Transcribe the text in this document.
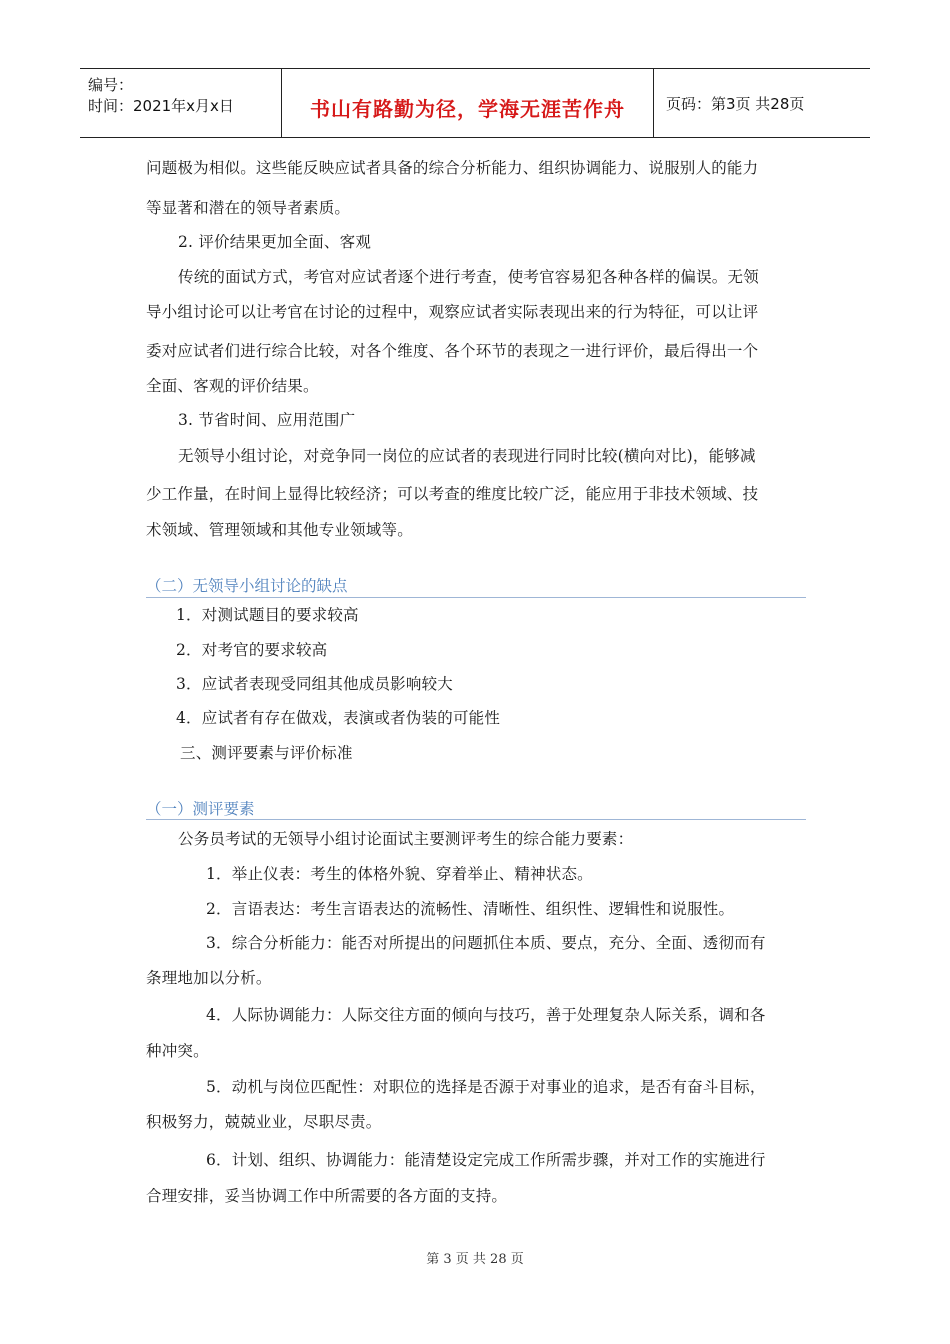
编号：
时间：2021年x月x日	书山有路勤为径，学海无涯苦作舟	页码：第3页 共28页
问题极为相似。这些能反映应试者具备的综合分析能力、组织协调能力、说服别人的能力
等显著和潜在的领导者素质。
2. 评价结果更加全面、客观
传统的面试方式，考官对应试者逐个进行考查，使考官容易犯各种各样的偏误。无领
导小组讨论可以让考官在讨论的过程中，观察应试者实际表现出来的行为特征，可以让评
委对应试者们进行综合比较，对各个维度、各个环节的表现之一进行评价，最后得出一个
全面、客观的评价结果。
3. 节省时间、应用范围广
无领导小组讨论，对竞争同一岗位的应试者的表现进行同时比较(横向对比)，能够减
少工作量，在时间上显得比较经济；可以考查的维度比较广泛，能应用于非技术领域、技
术领域、管理领域和其他专业领域等。
（二）无领导小组讨论的缺点
1．对测试题目的要求较高
2．对考官的要求较高
3．应试者表现受同组其他成员影响较大
4．应试者有存在做戏，表演或者伪装的可能性
三、测评要素与评价标准
（一）测评要素
公务员考试的无领导小组讨论面试主要测评考生的综合能力要素：
1．举止仪表：考生的体格外貌、穿着举止、精神状态。
2．言语表达：考生言语表达的流畅性、清晰性、组织性、逻辑性和说服性。
3．综合分析能力：能否对所提出的问题抓住本质、要点，充分、全面、透彻而有
条理地加以分析。
4．人际协调能力：人际交往方面的倾向与技巧，善于处理复杂人际关系，调和各
种冲突。
5．动机与岗位匹配性：对职位的选择是否源于对事业的追求，是否有奋斗目标，
积极努力，兢兢业业，尽职尽责。
6．计划、组织、协调能力：能清楚设定完成工作所需步骤，并对工作的实施进行
合理安排，妥当协调工作中所需要的各方面的支持。
第 3 页 共 28 页
